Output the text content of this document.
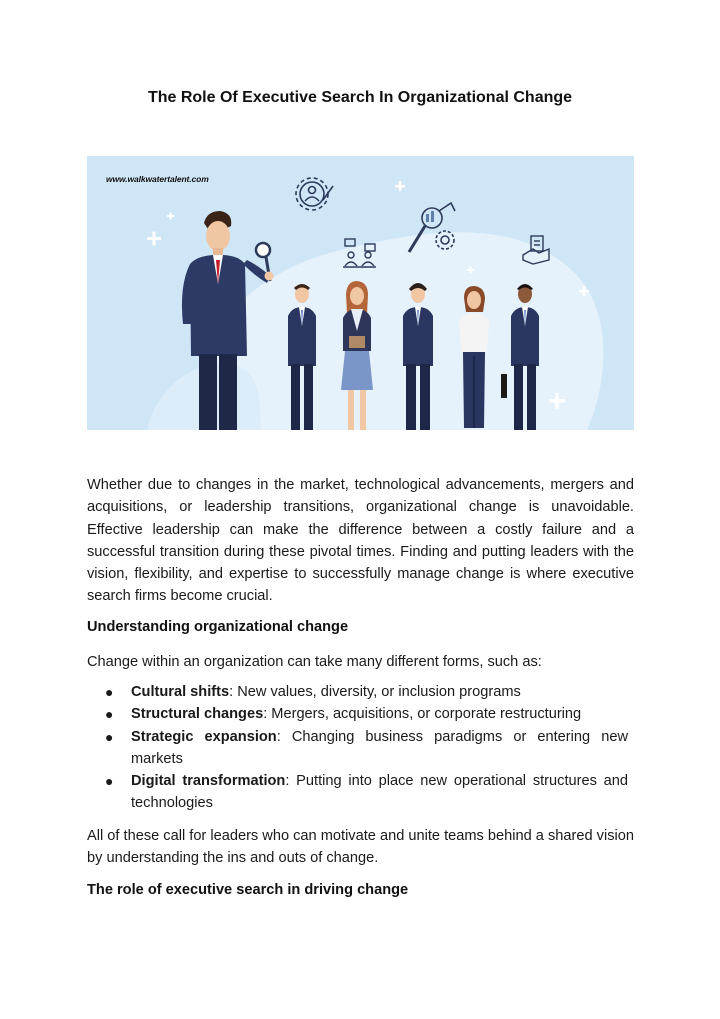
The Role Of Executive Search In Organizational Change
www.walkwatertalent.com

Whether due to changes in the market, technological advancements, mergers and acquisitions, or leadership transitions, organizational change is unavoidable. Effective leadership can make the difference between a costly failure and a successful transition during these pivotal times. Finding and putting leaders with the vision, flexibility, and expertise to successfully manage change is where executive search firms become crucial.

Understanding organizational change

Change within an organization can take many different forms, such as:

● Cultural shifts: New values, diversity, or inclusion programs
● Structural changes: Mergers, acquisitions, or corporate restructuring
● Strategic expansion: Changing business paradigms or entering new markets
● Digital transformation: Putting into place new operational structures and technologies

All of these call for leaders who can motivate and unite teams behind a shared vision by understanding the ins and outs of change.

The role of executive search in driving change
